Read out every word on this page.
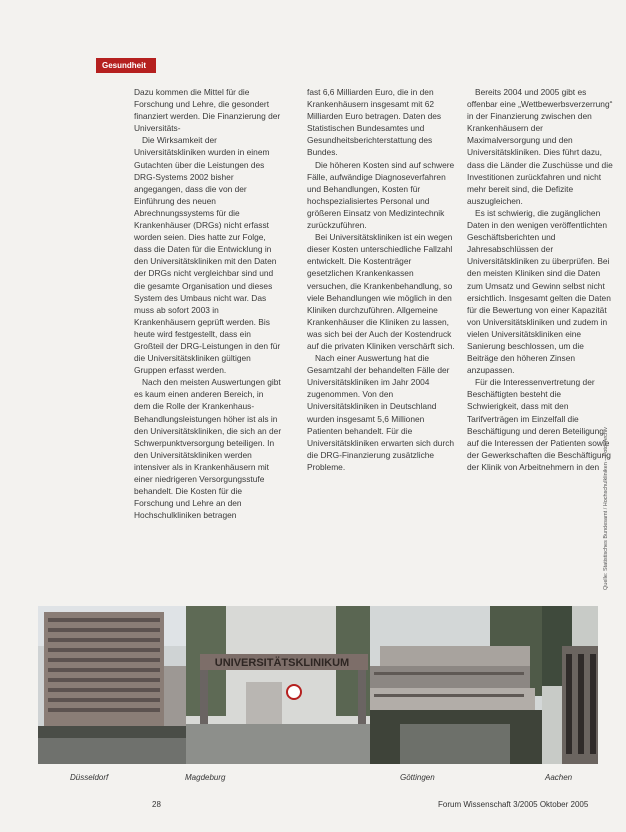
Gesundheit

Dazu kommen die Mittel für die Forschung und Lehre, die gesondert finanziert werden. Die Finanzierung der Universitäts-

Die Wirksamkeit der Universitätskliniken wurden in einem Gutachten über die Leistungen des DRG-Systems 2002 bisher angegangen, dass die von der Einführung des neuen Abrechnungssystems für die Krankenhäuser (DRGs) nicht erfasst worden seien. Dies hatte zur Folge, dass die Daten für die Entwicklung in den Universitätskliniken mit den Daten der DRGs nicht vergleichbar sind und die gesamte Organisation und dieses System des Umbaus nicht war. Das muss ab sofort 2003 in Krankenhäusern geprüft werden. Bis heute wird festgestellt, dass ein Großteil der DRG-Leistungen in den für die Universitätskliniken gültigen Gruppen erfasst werden.

Nach den meisten Auswertungen gibt es kaum einen anderen Bereich, in dem die Rolle der Krankenhaus-Behandlungsleistungen höher ist als in den Universitätskliniken, die sich an der Schwerpunktversorgung beteiligen. In den Universitätskliniken werden intensiver als in Krankenhäusern mit einer niedrigeren Versorgungsstufe behandelt. Die Kosten für die Forschung und Lehre an den Hochschulkliniken betragen

fast 6,6 Milliarden Euro, die in den Krankenhäusern insgesamt mit 62 Milliarden Euro betragen. Daten des Statistischen Bundesamtes und Gesundheitsberichterstattung des Bundes.

Die höheren Kosten sind auf schwere Fälle, aufwändige Diagnoseverfahren und Behandlungen, Kosten für hochspezialisiertes Personal und größeren Einsatz von Medizintechnik zurückzuführen.

Bei Universitätskliniken ist ein wegen dieser Kosten unterschiedliche Fallzahl entwickelt. Die Kostenträger gesetzlichen Krankenkassen versuchen, die Krankenbehandlung, so viele Behandlungen wie möglich in den Kliniken durchzuführen. Allgemeine Krankenhäuser die Kliniken zu lassen, was sich bei der Auch der Kostendruck auf die privaten Kliniken verschärft sich.

Nach einer Auswertung hat die Gesamtzahl der behandelten Fälle der Universitätskliniken im Jahr 2004 zugenommen. Von den Universitätskliniken in Deutschland wurden insgesamt 5,6 Millionen Patienten behandelt. Für die Universitätskliniken erwarten sich durch die DRG-Finanzierung zusätzliche Probleme.

Bereits 2004 und 2005 gibt es offenbar eine „Wettbewerbsverzerrung“ in der Finanzierung zwischen den Krankenhäusern der Maximalversorgung und den Universitätskliniken. Dies führt dazu, dass die Länder die Zuschüsse und die Investitionen zurückfahren und nicht mehr bereit sind, die Defizite auszugleichen.

Es ist schwierig, die zugänglichen Daten in den wenigen veröffentlichten Geschäftsberichten und Jahresabschlüssen der Universitätskliniken zu überprüfen. Bei den meisten Kliniken sind die Daten zum Umsatz und Gewinn selbst nicht ersichtlich. Insgesamt gelten die Daten für die Bewertung von einer Kapazität von Universitätskliniken und zudem in vielen Universitätskliniken eine Sanierung beschlossen, um die Beiträge den höheren Zinsen anzupassen.

Für die Interessenvertretung der Beschäftigten besteht die Schwierigkeit, dass mit den Tarifverträgen im Einzelfall die Beschäftigung und deren Beteiligung auf die Interessen der Patienten sowie der Gewerkschaften die Beschäftigung der Klinik von Arbeitnehmern in den Quelle: Statistisches Bundesamt / Hochschulkliniken – Foto: Archiv
UNIVERSITÄTSKLINIKUM
Düsseldorf	Magdeburg	Göttingen	Aachen
28	Forum Wissenschaft 3/2005 Oktober 2005
